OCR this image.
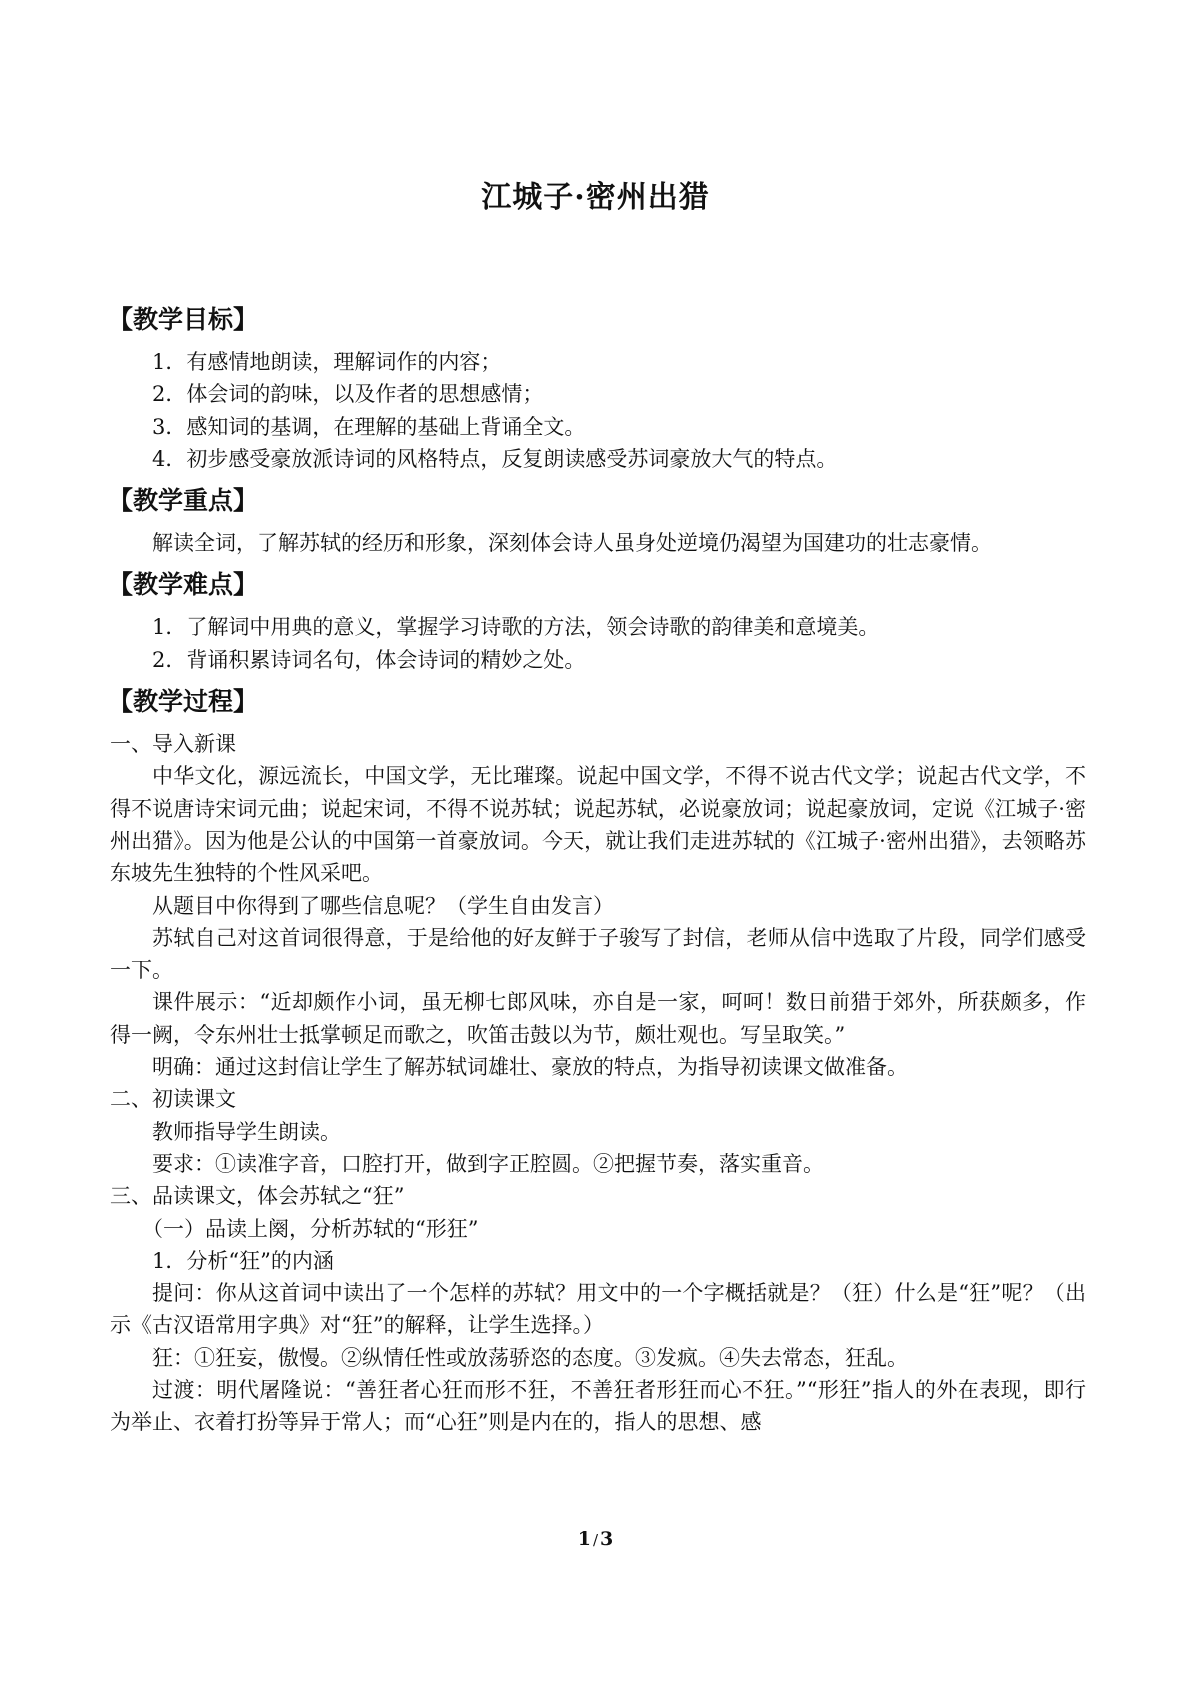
江城子·密州出猎
【教学目标】

1．有感情地朗读，理解词作的内容；

2．体会词的韵味，以及作者的思想感情；

3．感知词的基调，在理解的基础上背诵全文。

4．初步感受豪放派诗词的风格特点，反复朗读感受苏词豪放大气的特点。

【教学重点】

解读全词，了解苏轼的经历和形象，深刻体会诗人虽身处逆境仍渴望为国建功的壮志豪情。

【教学难点】

1．了解词中用典的意义，掌握学习诗歌的方法，领会诗歌的韵律美和意境美。

2．背诵积累诗词名句，体会诗词的精妙之处。

【教学过程】

一、导入新课

中华文化，源远流长，中国文学，无比璀璨。说起中国文学，不得不说古代文学；说起古代文学，不得不说唐诗宋词元曲；说起宋词，不得不说苏轼；说起苏轼，必说豪放词；说起豪放词，定说《江城子·密州出猎》。因为他是公认的中国第一首豪放词。今天，就让我们走进苏轼的《江城子·密州出猎》，去领略苏东坡先生独特的个性风采吧。

从题目中你得到了哪些信息呢？（学生自由发言）

苏轼自己对这首词很得意，于是给他的好友鲜于子骏写了封信，老师从信中选取了片段，同学们感受一下。

课件展示：“近却颇作小词，虽无柳七郎风味，亦自是一家，呵呵！数日前猎于郊外，所获颇多，作得一阙，令东州壮士抵掌顿足而歌之，吹笛击鼓以为节，颇壮观也。写呈取笑。”

明确：通过这封信让学生了解苏轼词雄壮、豪放的特点，为指导初读课文做准备。

二、初读课文

教师指导学生朗读。

要求：①读准字音，口腔打开，做到字正腔圆。②把握节奏，落实重音。

三、品读课文，体会苏轼之“狂”

（一）品读上阕，分析苏轼的“形狂”

1．分析“狂”的内涵

提问：你从这首词中读出了一个怎样的苏轼？用文中的一个字概括就是？（狂）什么是“狂”呢？（出示《古汉语常用字典》对“狂”的解释，让学生选择。）

狂：①狂妄，傲慢。②纵情任性或放荡骄恣的态度。③发疯。④失去常态，狂乱。

过渡：明代屠隆说：“善狂者心狂而形不狂，不善狂者形狂而心不狂。”“形狂”指人的外在表现，即行为举止、衣着打扮等异于常人；而“心狂”则是内在的，指人的思想、感

1 / 3
